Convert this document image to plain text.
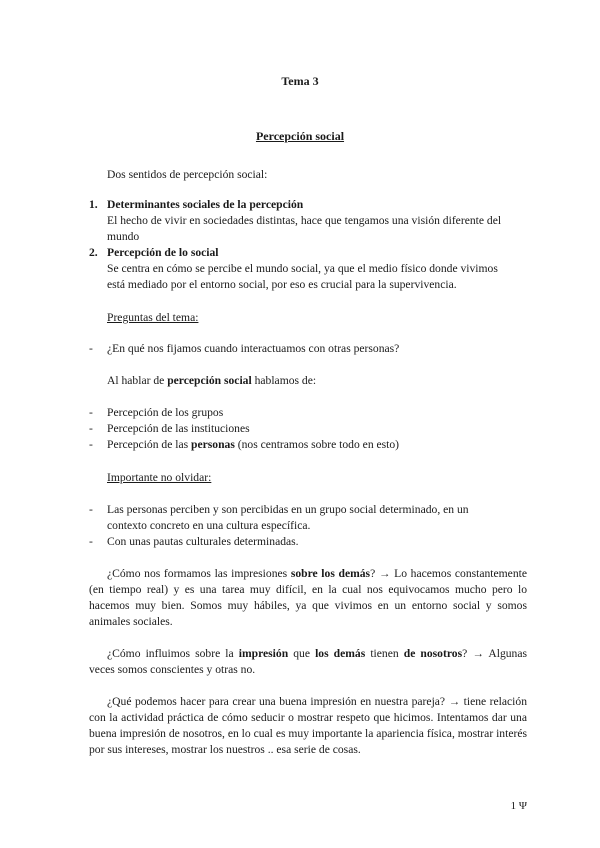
Tema 3
Percepción social
Dos sentidos de percepción social:
1. Determinantes sociales de la percepción
El hecho de vivir en sociedades distintas, hace que tengamos una visión diferente del
mundo
2. Percepción de lo social
Se centra en cómo se percibe el mundo social, ya que el medio físico donde vivimos
está mediado por el entorno social, por eso es crucial para la supervivencia.
Preguntas del tema:
- ¿En qué nos fijamos cuando interactuamos con otras personas?
Al hablar de percepción social hablamos de:
- Percepción de los grupos
- Percepción de las instituciones
- Percepción de las personas (nos centramos sobre todo en esto)
Importante no olvidar:
- Las personas perciben y son percibidas en un grupo social determinado, en un
contexto concreto en una cultura específica.
- Con unas pautas culturales determinadas.
¿Cómo nos formamos las impresiones sobre los demás? → Lo hacemos constantemente (en tiempo real) y es una tarea muy difícil, en la cual nos equivocamos mucho pero lo hacemos muy bien. Somos muy hábiles, ya que vivimos en un entorno social y somos animales sociales.
¿Cómo influimos sobre la impresión que los demás tienen de nosotros? → Algunas veces somos conscientes y otras no.
¿Qué podemos hacer para crear una buena impresión en nuestra pareja? → tiene relación con la actividad práctica de cómo seducir o mostrar respeto que hicimos. Intentamos dar una buena impresión de nosotros, en lo cual es muy importante la apariencia física, mostrar interés por sus intereses, mostrar los nuestros .. esa serie de cosas.
1 Ψ
